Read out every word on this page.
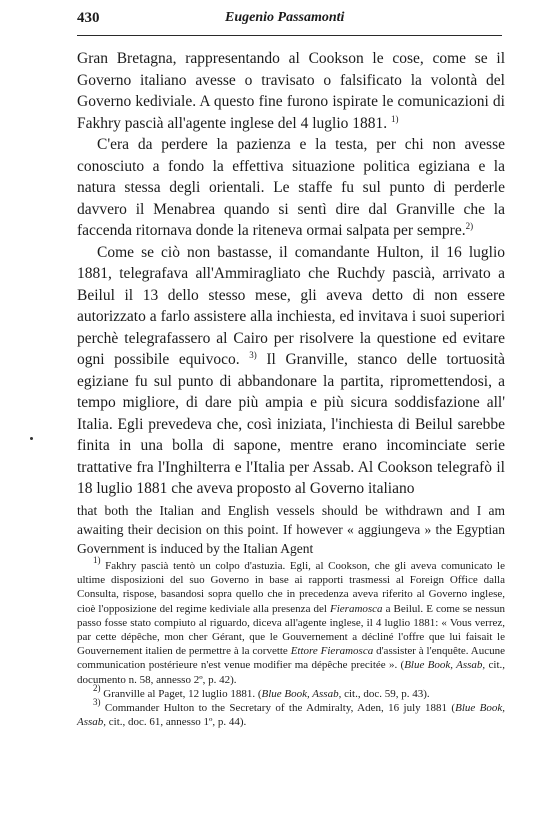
430	Eugenio Passamonti

Gran Bretagna, rappresentando al Cookson le cose, come se il Governo italiano avesse o travisato o falsificato la volontà del Governo kediviale. A questo fine furono ispirate le comunicazioni di Fakhry pascià all'agente inglese del 4 luglio 1881. $^{1)}$

C'era da perdere la pazienza e la testa, per chi non avesse conosciuto a fondo la effettiva situazione politica egiziana e la natura stessa degli orientali. Le staffe fu sul punto di perderle davvero il Menabrea quando si sentì dire dal Granville che la faccenda ritornava donde la riteneva ormai salpata per sempre.$^{2)}$

Come se ciò non bastasse, il comandante Hulton, il 16 luglio 1881, telegrafava all'Ammiragliato che Ruchdy pascià, arrivato a Beilul il 13 dello stesso mese, gli aveva detto di non essere autorizzato a farlo assistere alla inchiesta, ed invitava i suoi superiori perchè telegrafassero al Cairo per risolvere la questione ed evitare ogni possibile equivoco. $^{3)}$ Il Granville, stanco delle tortuosità egiziane fu sul punto di abbandonare la partita, ripromettendosi, a tempo migliore, di dare più ampia e più sicura soddisfazione all' Italia. Egli prevedeva che, così iniziata, l'inchiesta di Beilul sarebbe finita in una bolla di sapone, mentre erano incominciate serie trattative fra l'Inghilterra e l'Italia per Assab. Al Cookson telegrafò il 18 luglio 1881 che aveva proposto al Governo italiano

that both the Italian and English vessels should be withdrawn and I am awaiting their decision on this point. If however « aggiungeva » the Egyptian Government is induced by the Italian Agent

$^{1)}$ Fakhry pascià tentò un colpo d'astuzia. Egli, al Cookson, che gli aveva comunicato le ultime disposizioni del suo Governo in base ai rapporti trasmessi al Foreign Office dalla Consulta, rispose, basandosi sopra quello che in precedenza aveva riferito al Governo inglese, cioè l'opposizione del regime kediviale alla presenza del Fieramosca a Beilul. E come se nessun passo fosse stato compiuto al riguardo, diceva all'agente inglese, il 4 luglio 1881: « Vous verrez, par cette dépêche, mon cher Gérant, que le Gouvernement a décliné l'offre que lui faisait le Gouvernement italien de permettre à la corvette Ettore Fieramosca d'assister à l'enquête. Aucune communication postérieure n'est venue modifier ma dépêche precitée ». (Blue Book, Assab, cit., documento n. 58, annesso 2º, p. 42).

$^{2)}$ Granville al Paget, 12 luglio 1881. (Blue Book, Assab, cit., doc. 59, p. 43).

$^{3)}$ Commander Hulton to the Secretary of the Admiralty, Aden, 16 july 1881 (Blue Book, Assab, cit., doc. 61, annesso 1º, p. 44).
